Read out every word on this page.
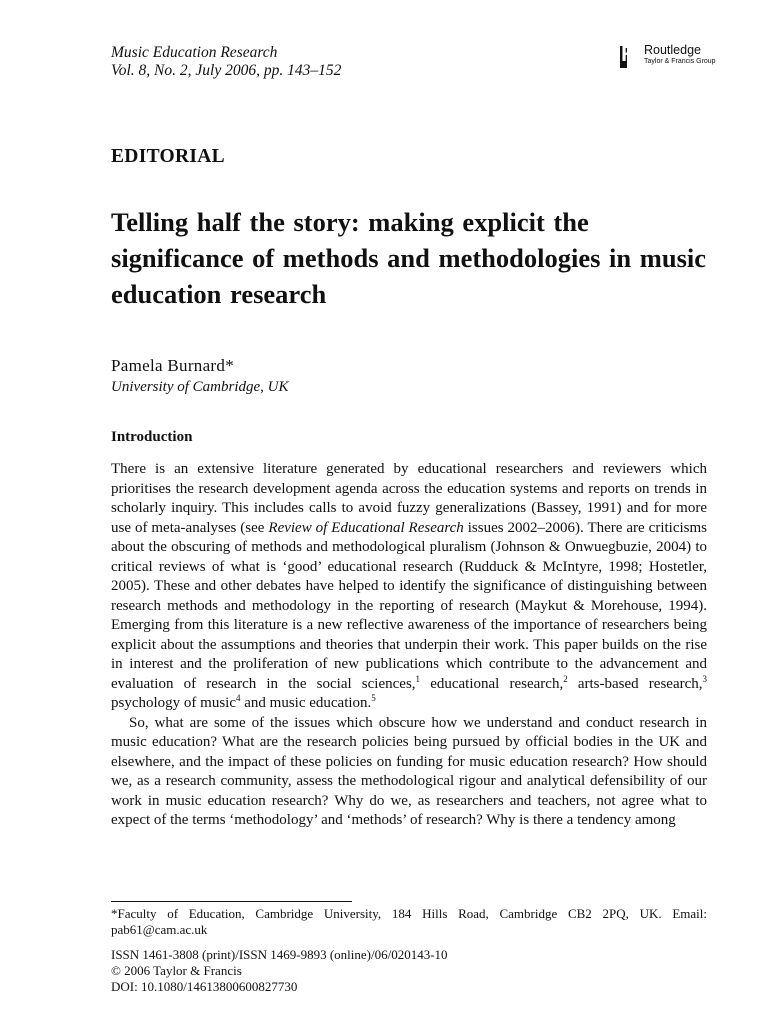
Music Education Research
Vol. 8, No. 2, July 2006, pp. 143–152
R Routledge
Taylor & Francis Group
EDITORIAL
Telling half the story: making explicit the significance of methods and methodologies in music education research
Pamela Burnard*
University of Cambridge, UK
Introduction

There is an extensive literature generated by educational researchers and reviewers which prioritises the research development agenda across the education systems and reports on trends in scholarly inquiry. This includes calls to avoid fuzzy generalizations (Bassey, 1991) and for more use of meta-analyses (see Review of Educational Research issues 2002–2006). There are criticisms about the obscuring of methods and methodological pluralism (Johnson & Onwuegbuzie, 2004) to critical reviews of what is ‘good’ educational research (Rudduck & McIntyre, 1998; Hostetler, 2005). These and other debates have helped to identify the significance of distinguishing between research methods and methodology in the reporting of research (Maykut & Morehouse, 1994). Emerging from this literature is a new reflective awareness of the importance of researchers being explicit about the assumptions and theories that underpin their work. This paper builds on the rise in interest and the proliferation of new publications which contribute to the advancement and evaluation of research in the social sciences,$^1$ educational research,$^2$ arts-based research,$^3$ psychology of music$^4$ and music education.$^5$

So, what are some of the issues which obscure how we understand and conduct research in music education? What are the research policies being pursued by official bodies in the UK and elsewhere, and the impact of these policies on funding for music education research? How should we, as a research community, assess the methodological rigour and analytical defensibility of our work in music education research? Why do we, as researchers and teachers, not agree what to expect of the terms ‘methodology’ and ‘methods’ of research? Why is there a tendency among

*Faculty of Education, Cambridge University, 184 Hills Road, Cambridge CB2 2PQ, UK. Email: pab61@cam.ac.uk
ISSN 1461-3808 (print)/ISSN 1469-9893 (online)/06/020143-10
© 2006 Taylor & Francis
DOI: 10.1080/14613800600827730
